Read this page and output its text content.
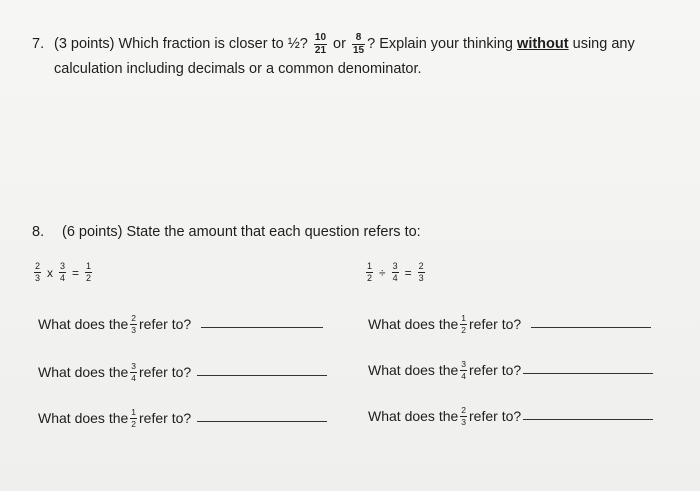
7. (3 points) Which fraction is closer to ½? $\frac{10}{21}$ or $\frac{8}{15}$ ? Explain your thinking without using any
calculation including decimals or a common denominator.
8. (6 points) State the amount that each question refers to:
$\frac{2}{3}$ x $\frac{3}{4} = \frac{1}{2}$	$\frac{1}{2} \div \frac{3}{4} = \frac{2}{3}$
What does the $\frac{2}{3}$ refer to?
What does the $\frac{3}{4}$ refer to?
What does the $\frac{1}{2}$ refer to?
What does the $\frac{1}{2}$ refer to?
What does the $\frac{3}{4}$ refer to?
What does the $\frac{2}{3}$ refer to?
